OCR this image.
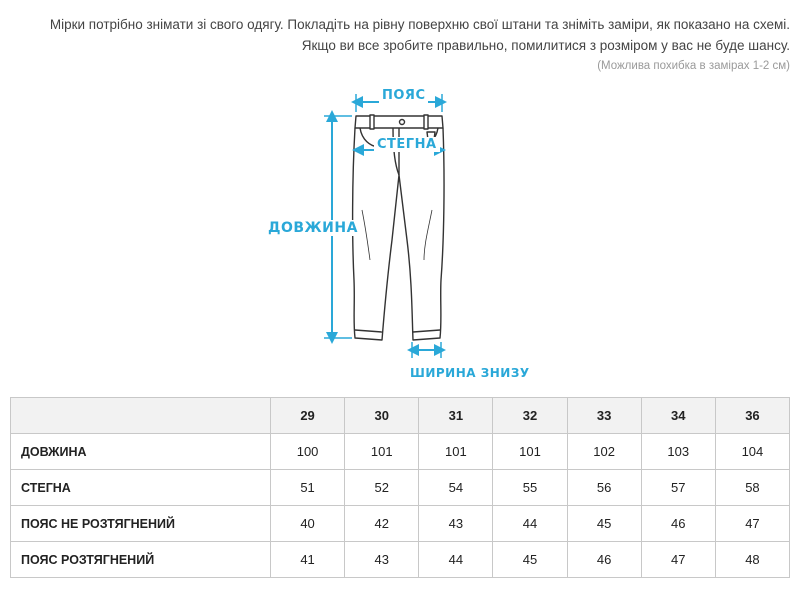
Мірки потрібно знімати зі свого одягу. Покладіть на рівну поверхню свої штани та зніміть заміри, як показано на схемі.
Якщо ви все зробите правильно, помилитися з розміром у вас не буде шансу.
(Можлива похибка в замірах 1-2 см)
ПОЯС
СТЕГНА
ДОВЖИНА
ШИРИНА ЗНИЗУ
	29	30	31	32	33	34	36
ДОВЖИНА	100	101	101	101	102	103	104
СТЕГНА	51	52	54	55	56	57	58
ПОЯС НЕ РОЗТЯГНЕНИЙ	40	42	43	44	45	46	47
ПОЯС РОЗТЯГНЕНИЙ	41	43	44	45	46	47	48
